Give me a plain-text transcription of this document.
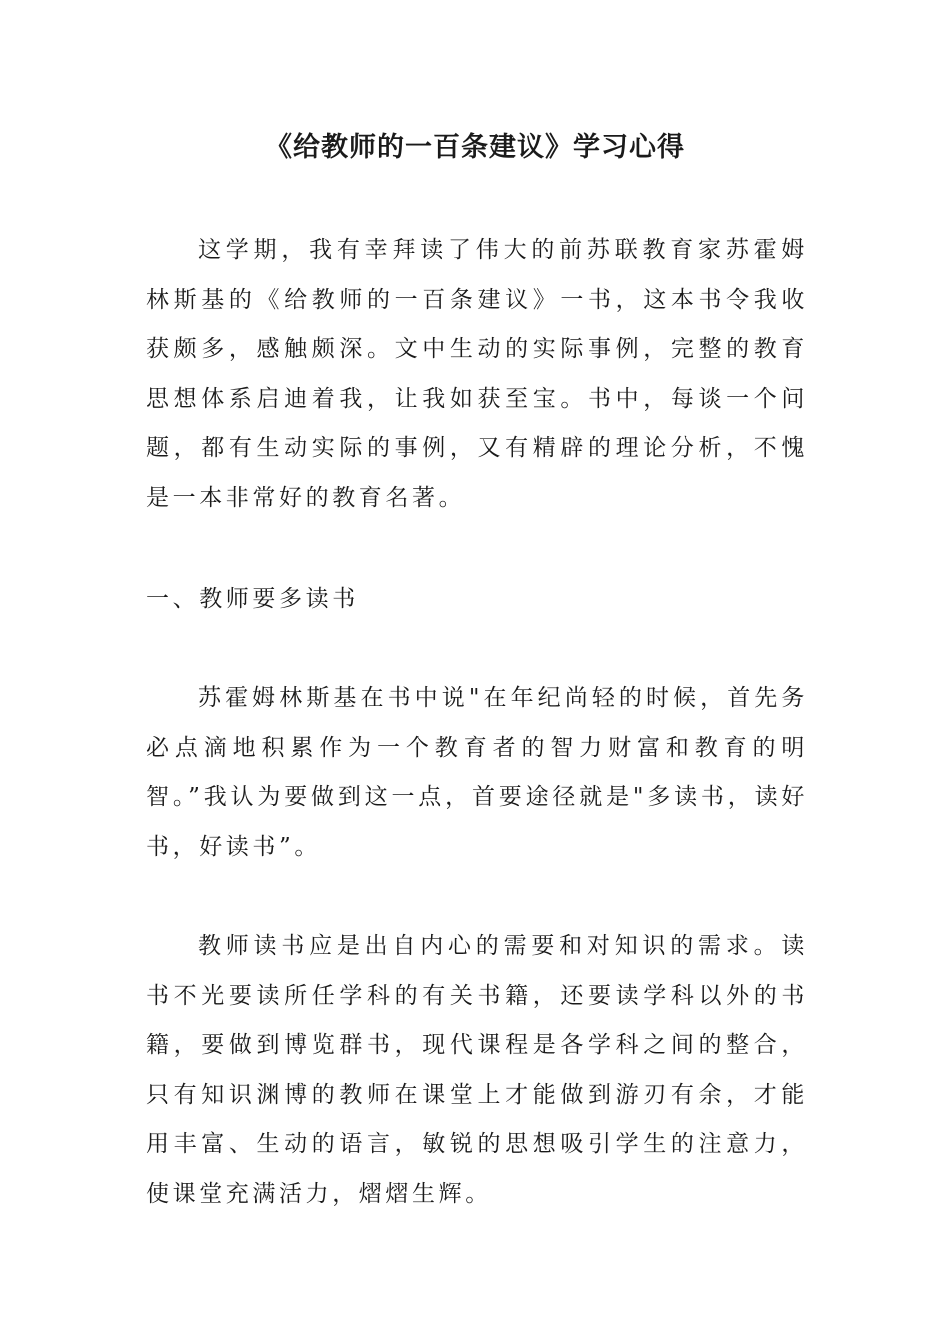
《给教师的一百条建议》学习心得

这学期，我有幸拜读了伟大的前苏联教育家苏霍姆林斯基的《给教师的一百条建议》一书，这本书令我收获颇多，感触颇深。文中生动的实际事例，完整的教育思想体系启迪着我，让我如获至宝。书中，每谈一个问题，都有生动实际的事例，又有精辟的理论分析，不愧是一本非常好的教育名著。

一、教师要多读书

苏霍姆林斯基在书中说"在年纪尚轻的时候，首先务必点滴地积累作为一个教育者的智力财富和教育的明智。”我认为要做到这一点，首要途径就是"多读书，读好书，好读书”。

教师读书应是出自内心的需要和对知识的需求。读书不光要读所任学科的有关书籍，还要读学科以外的书籍，要做到博览群书，现代课程是各学科之间的整合，只有知识渊博的教师在课堂上才能做到游刃有余，才能用丰富、生动的语言，敏锐的思想吸引学生的注意力，使课堂充满活力，熠熠生辉。
